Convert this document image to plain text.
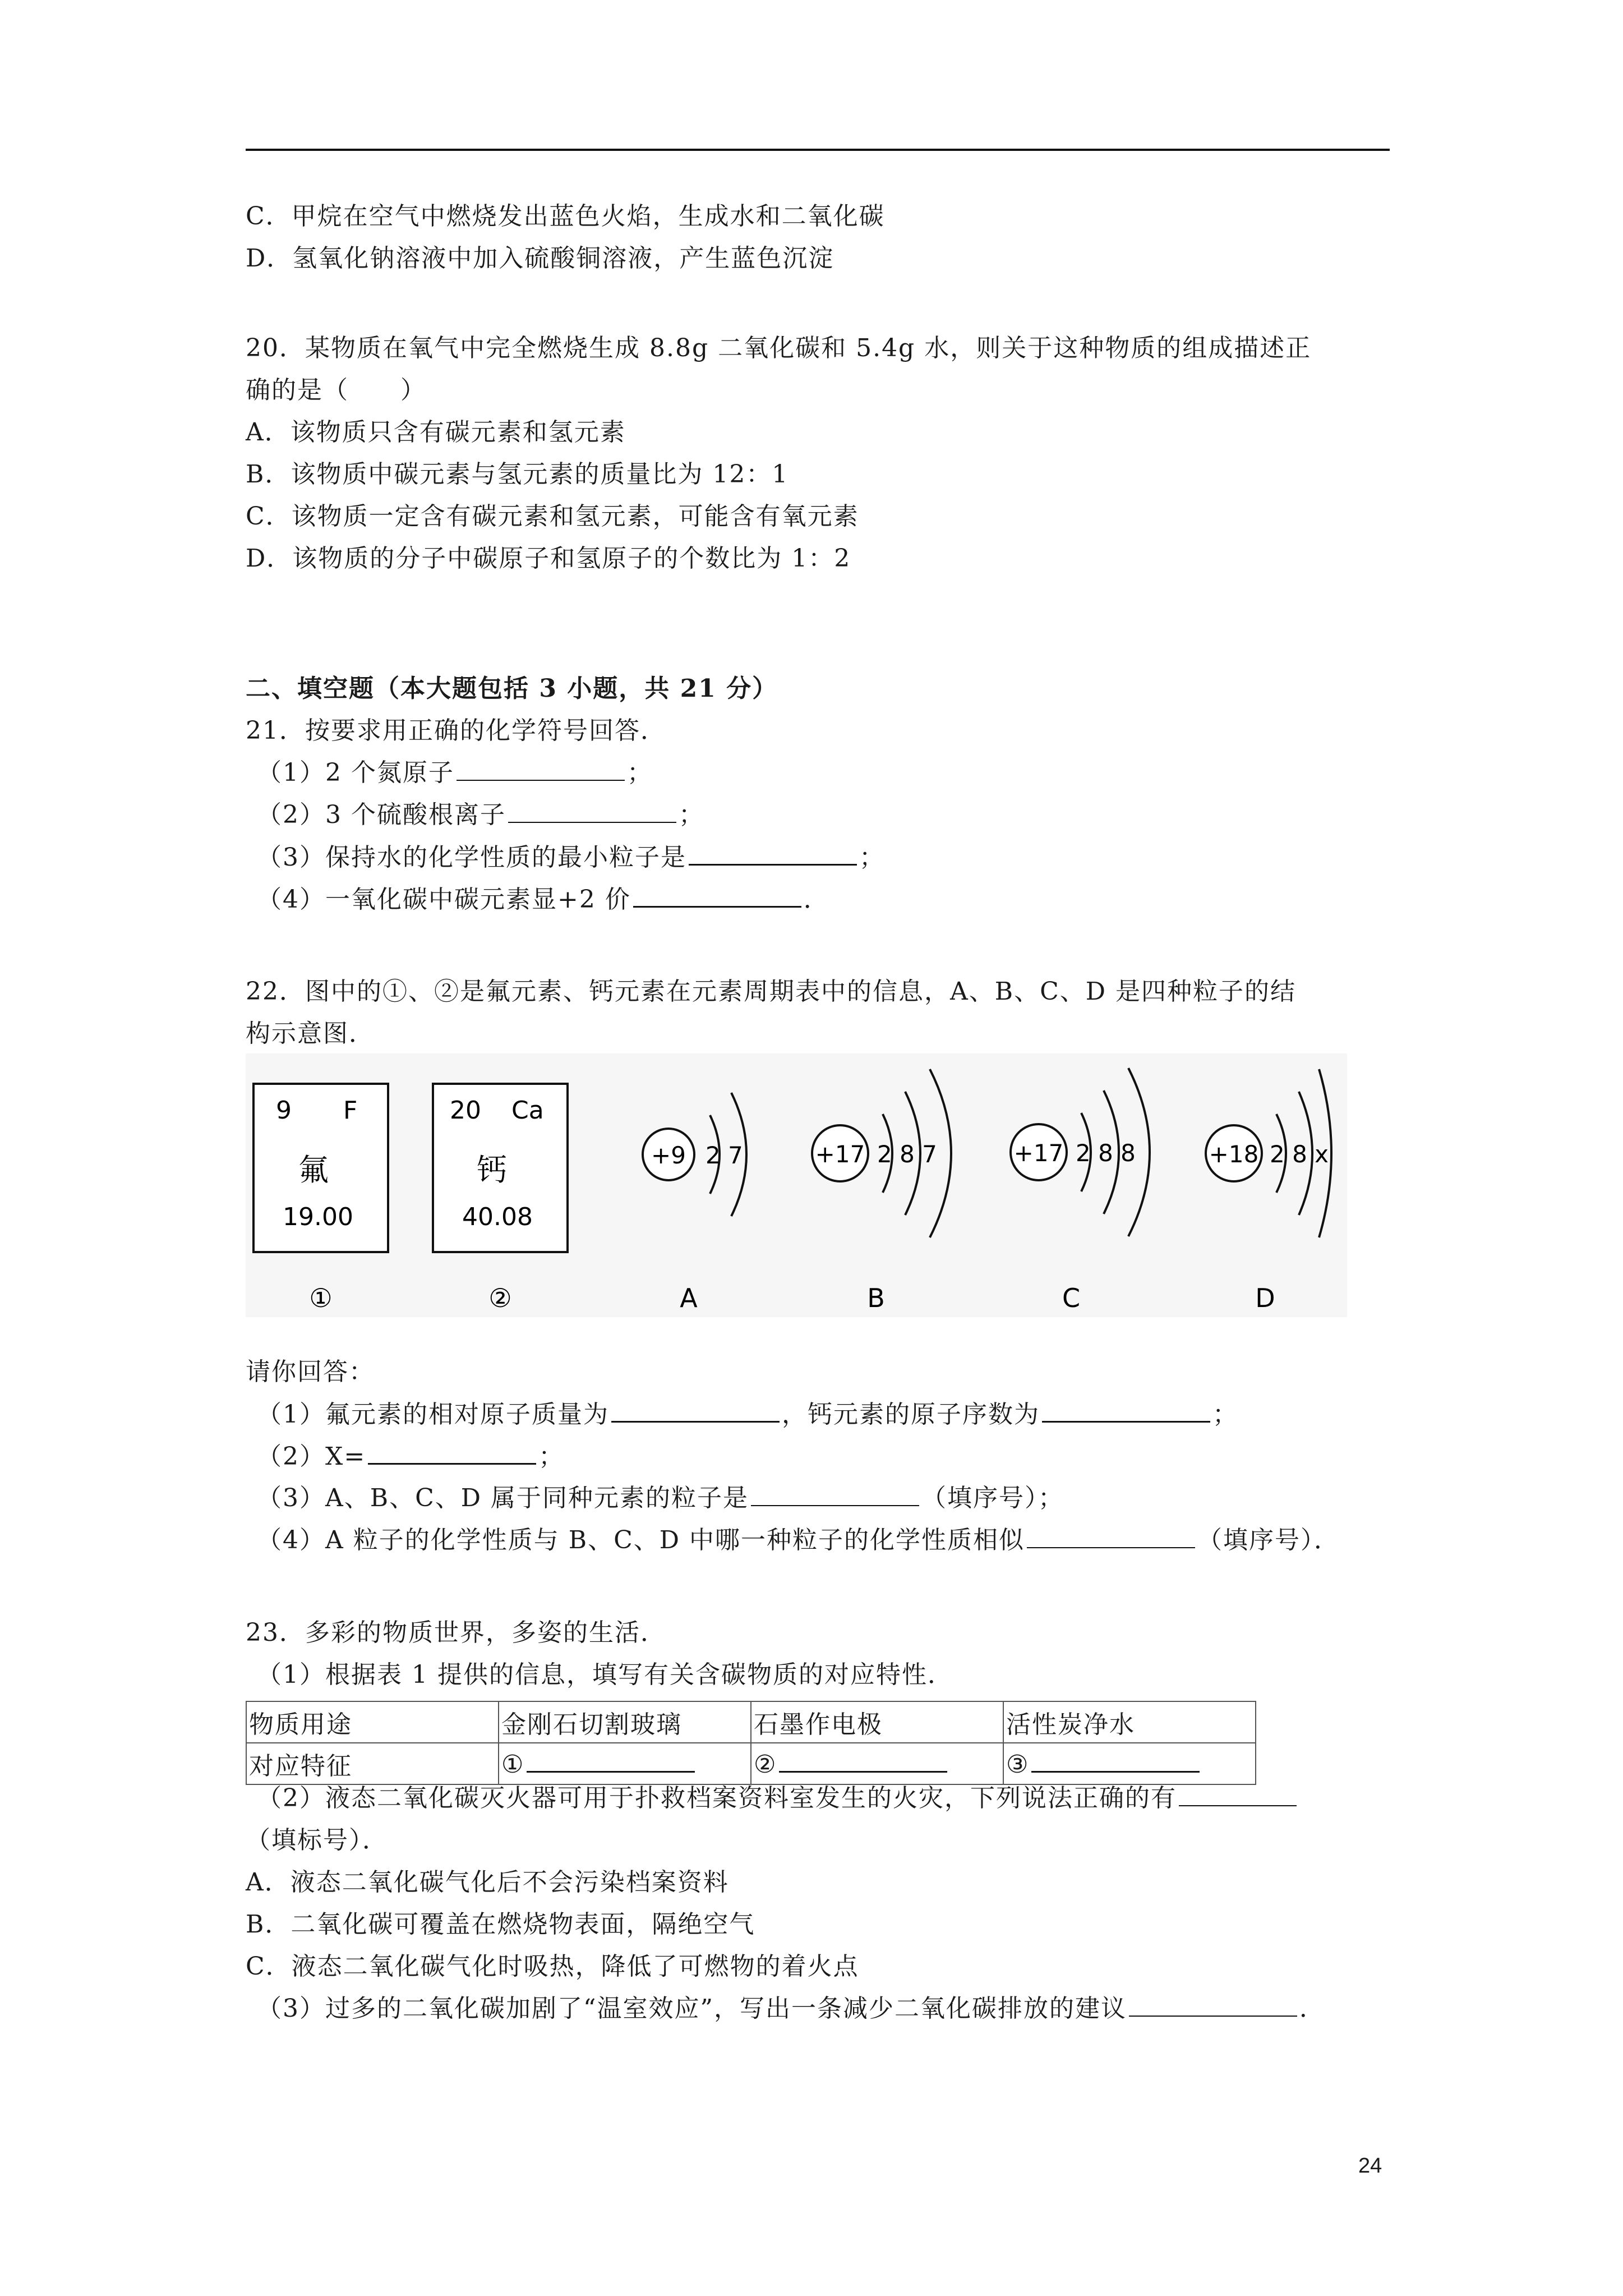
C．甲烷在空气中燃烧发出蓝色火焰，生成水和二氧化碳
D．氢氧化钠溶液中加入硫酸铜溶液，产生蓝色沉淀
20．某物质在氧气中完全燃烧生成 8.8g 二氧化碳和 5.4g 水，则关于这种物质的组成描述正
确的是（　　）
A．该物质只含有碳元素和氢元素
B．该物质中碳元素与氢元素的质量比为 12：1
C．该物质一定含有碳元素和氢元素，可能含有氧元素
D．该物质的分子中碳原子和氢原子的个数比为 1：2
二、填空题（本大题包括 3 小题，共 21 分）
21．按要求用正确的化学符号回答．
（1）2 个氮原子	；
（2）3 个硫酸根离子	；
（3）保持水的化学性质的最小粒子是	；
（4）一氧化碳中碳元素显+2 价	．
22．图中的①、②是氟元素、钙元素在元素周期表中的信息，A、B、C、D 是四种粒子的结
构示意图．
9 F
氟
19.00
20 Ca
钙
40.08
+9 2 7	+17 2 8 7	+17 2 8 8	+18 2 8 x
①	②	A	B	C	D
请你回答：
（1）氟元素的相对原子质量为	，钙元素的原子序数为	；
（2）X=	；
（3）A、B、C、D 属于同种元素的粒子是	（填序号）；
（4）A 粒子的化学性质与 B、C、D 中哪一种粒子的化学性质相似	（填序号）．
23．多彩的物质世界，多姿的生活．
（1）根据表 1 提供的信息，填写有关含碳物质的对应特性．
物质用途	金刚石切割玻璃	石墨作电极	活性炭净水
对应特征	①	②	③
（2）液态二氧化碳灭火器可用于扑救档案资料室发生的火灾，下列说法正确的有
（填标号）．
A．液态二氧化碳气化后不会污染档案资料
B．二氧化碳可覆盖在燃烧物表面，隔绝空气
C．液态二氧化碳气化时吸热，降低了可燃物的着火点
（3）过多的二氧化碳加剧了“温室效应”，写出一条减少二氧化碳排放的建议	．
24
